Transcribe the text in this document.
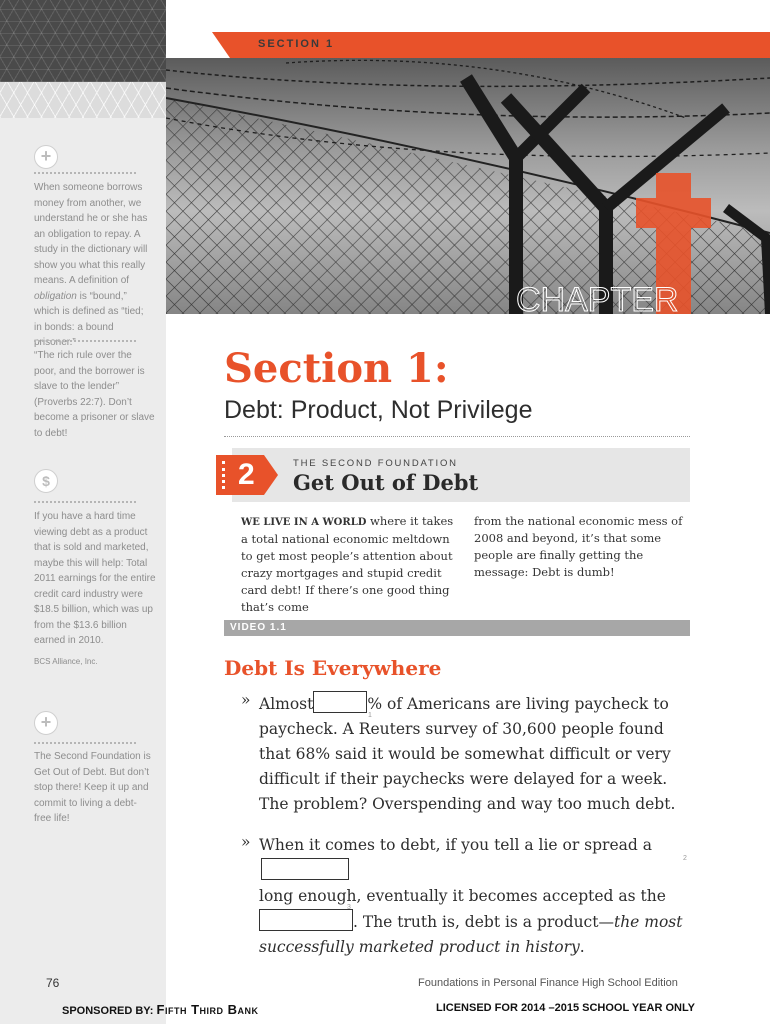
+
When someone borrows money from another, we understand he or she has an obligation to repay. A study in the dictionary will show you what this really means. A definition of obligation is “bound,” which is defined as “tied; in bonds: a bound prisoner.”
“The rich rule over the poor, and the borrower is slave to the lender” (Proverbs 22:7). Don’t become a prisoner or slave to debt!
$
If you have a hard time viewing debt as a product that is sold and marketed, maybe this will help: Total 2011 earnings for the entire credit card industry were $18.5 billion, which was up from the $13.6 billion earned in 2010.
BCS Alliance, Inc.
+
The Second Foundation is Get Out of Debt. But don’t stop there! Keep it up and commit to living a debt-free life!
SECTION 1
CHAPTER
Section 1:
Debt: Product, Not Privilege
2	THE SECOND FOUNDATION
Get Out of Debt
WE LIVE IN A WORLD where it takes a total national economic meltdown to get most people’s attention about crazy mortgages and stupid credit card debt! If there’s one good thing that’s come
from the national economic mess of 2008 and beyond, it’s that some people are finally getting the message: Debt is dumb!
VIDEO 1.1
Debt Is Everywhere
» Almost	% of Americans are living paycheck to paycheck. A Reuters survey of 30,600 people found that 68% said it would be somewhat difficult or very difficult if their paychecks were delayed for a week. The problem? Overspending and way too much debt.
1
» When it comes to debt, if you tell a lie or spread a
long enough, eventually it becomes accepted as the
. The truth is, debt is a product—the most successfully marketed product in history.
2
3
76	Foundations in Personal Finance High School Edition
SPONSORED BY: Fifth Third Bank	LICENSED FOR 2014 –2015 SCHOOL YEAR ONLY
